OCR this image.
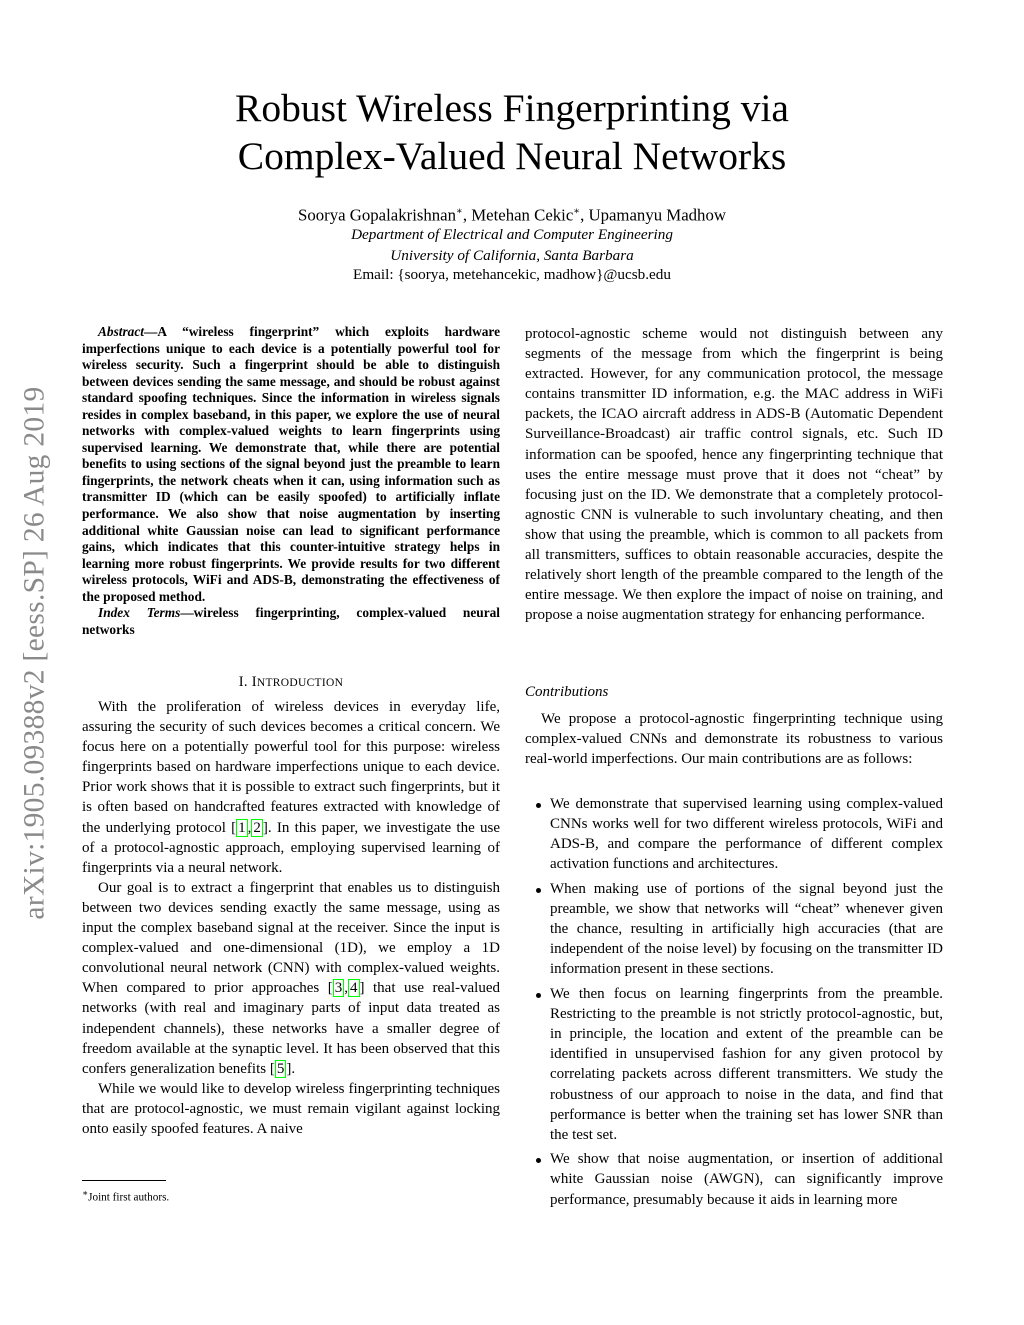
arXiv:1905.09388v2 [eess.SP] 26 Aug 2019
Robust Wireless Fingerprinting via
Complex-Valued Neural Networks
Soorya Gopalakrishnan∗, Metehan Cekic∗, Upamanyu Madhow
Department of Electrical and Computer Engineering
University of California, Santa Barbara
Email: {soorya, metehancekic, madhow}@ucsb.edu

Abstract—A “wireless fingerprint” which exploits hardware imperfections unique to each device is a potentially powerful tool for wireless security. Such a fingerprint should be able to distinguish between devices sending the same message, and should be robust against standard spoofing techniques. Since the information in wireless signals resides in complex baseband, in this paper, we explore the use of neural networks with complex-valued weights to learn fingerprints using supervised learning. We demonstrate that, while there are potential benefits to using sections of the signal beyond just the preamble to learn fingerprints, the network cheats when it can, using information such as transmitter ID (which can be easily spoofed) to artificially inflate performance. We also show that noise augmentation by inserting additional white Gaussian noise can lead to significant performance gains, which indicates that this counter-intuitive strategy helps in learning more robust fingerprints. We provide results for two different wireless protocols, WiFi and ADS-B, demonstrating the effectiveness of the proposed method.

Index Terms—wireless fingerprinting, complex-valued neural networks

I. INTRODUCTION

With the proliferation of wireless devices in everyday life, assuring the security of such devices becomes a critical concern. We focus here on a potentially powerful tool for this purpose: wireless fingerprints based on hardware imperfections unique to each device. Prior work shows that it is possible to extract such fingerprints, but it is often based on handcrafted features extracted with knowledge of the underlying protocol [ 1 , 2 ]. In this paper, we investigate the use of a protocol-agnostic approach, employing supervised learning of fingerprints via a neural network.

Our goal is to extract a fingerprint that enables us to distinguish between two devices sending exactly the same message, using as input the complex baseband signal at the receiver. Since the input is complex-valued and one-dimensional (1D), we employ a 1D convolutional neural network (CNN) with complex-valued weights. When compared to prior approaches [ 3 , 4 ] that use real-valued networks (with real and imaginary parts of input data treated as independent channels), these networks have a smaller degree of freedom available at the synaptic level. It has been observed that this confers generalization benefits [ 5 ].

While we would like to develop wireless fingerprinting techniques that are protocol-agnostic, we must remain vigilant against locking onto easily spoofed features. A naive

∗Joint first authors.

protocol-agnostic scheme would not distinguish between any segments of the message from which the fingerprint is being extracted. However, for any communication protocol, the message contains transmitter ID information, e.g. the MAC address in WiFi packets, the ICAO aircraft address in ADS-B (Automatic Dependent Surveillance-Broadcast) air traffic control signals, etc. Such ID information can be spoofed, hence any fingerprinting technique that uses the entire message must prove that it does not “cheat” by focusing just on the ID. We demonstrate that a completely protocol-agnostic CNN is vulnerable to such involuntary cheating, and then show that using the preamble, which is common to all packets from all transmitters, suffices to obtain reasonable accuracies, despite the relatively short length of the preamble compared to the length of the entire message. We then explore the impact of noise on training, and propose a noise augmentation strategy for enhancing performance.

Contributions

We propose a protocol-agnostic fingerprinting technique using complex-valued CNNs and demonstrate its robustness to various real-world imperfections. Our main contributions are as follows:

We demonstrate that supervised learning using complex-valued CNNs works well for two different wireless protocols, WiFi and ADS-B, and compare the performance of different complex activation functions and architectures.
When making use of portions of the signal beyond just the preamble, we show that networks will “cheat” whenever given the chance, resulting in artificially high accuracies (that are independent of the noise level) by focusing on the transmitter ID information present in these sections.
We then focus on learning fingerprints from the preamble. Restricting to the preamble is not strictly protocol-agnostic, but, in principle, the location and extent of the preamble can be identified in unsupervised fashion for any given protocol by correlating packets across different transmitters. We study the robustness of our approach to noise in the data, and find that performance is better when the training set has lower SNR than the test set.
We show that noise augmentation, or insertion of additional white Gaussian noise (AWGN), can significantly improve performance, presumably because it aids in learning more
